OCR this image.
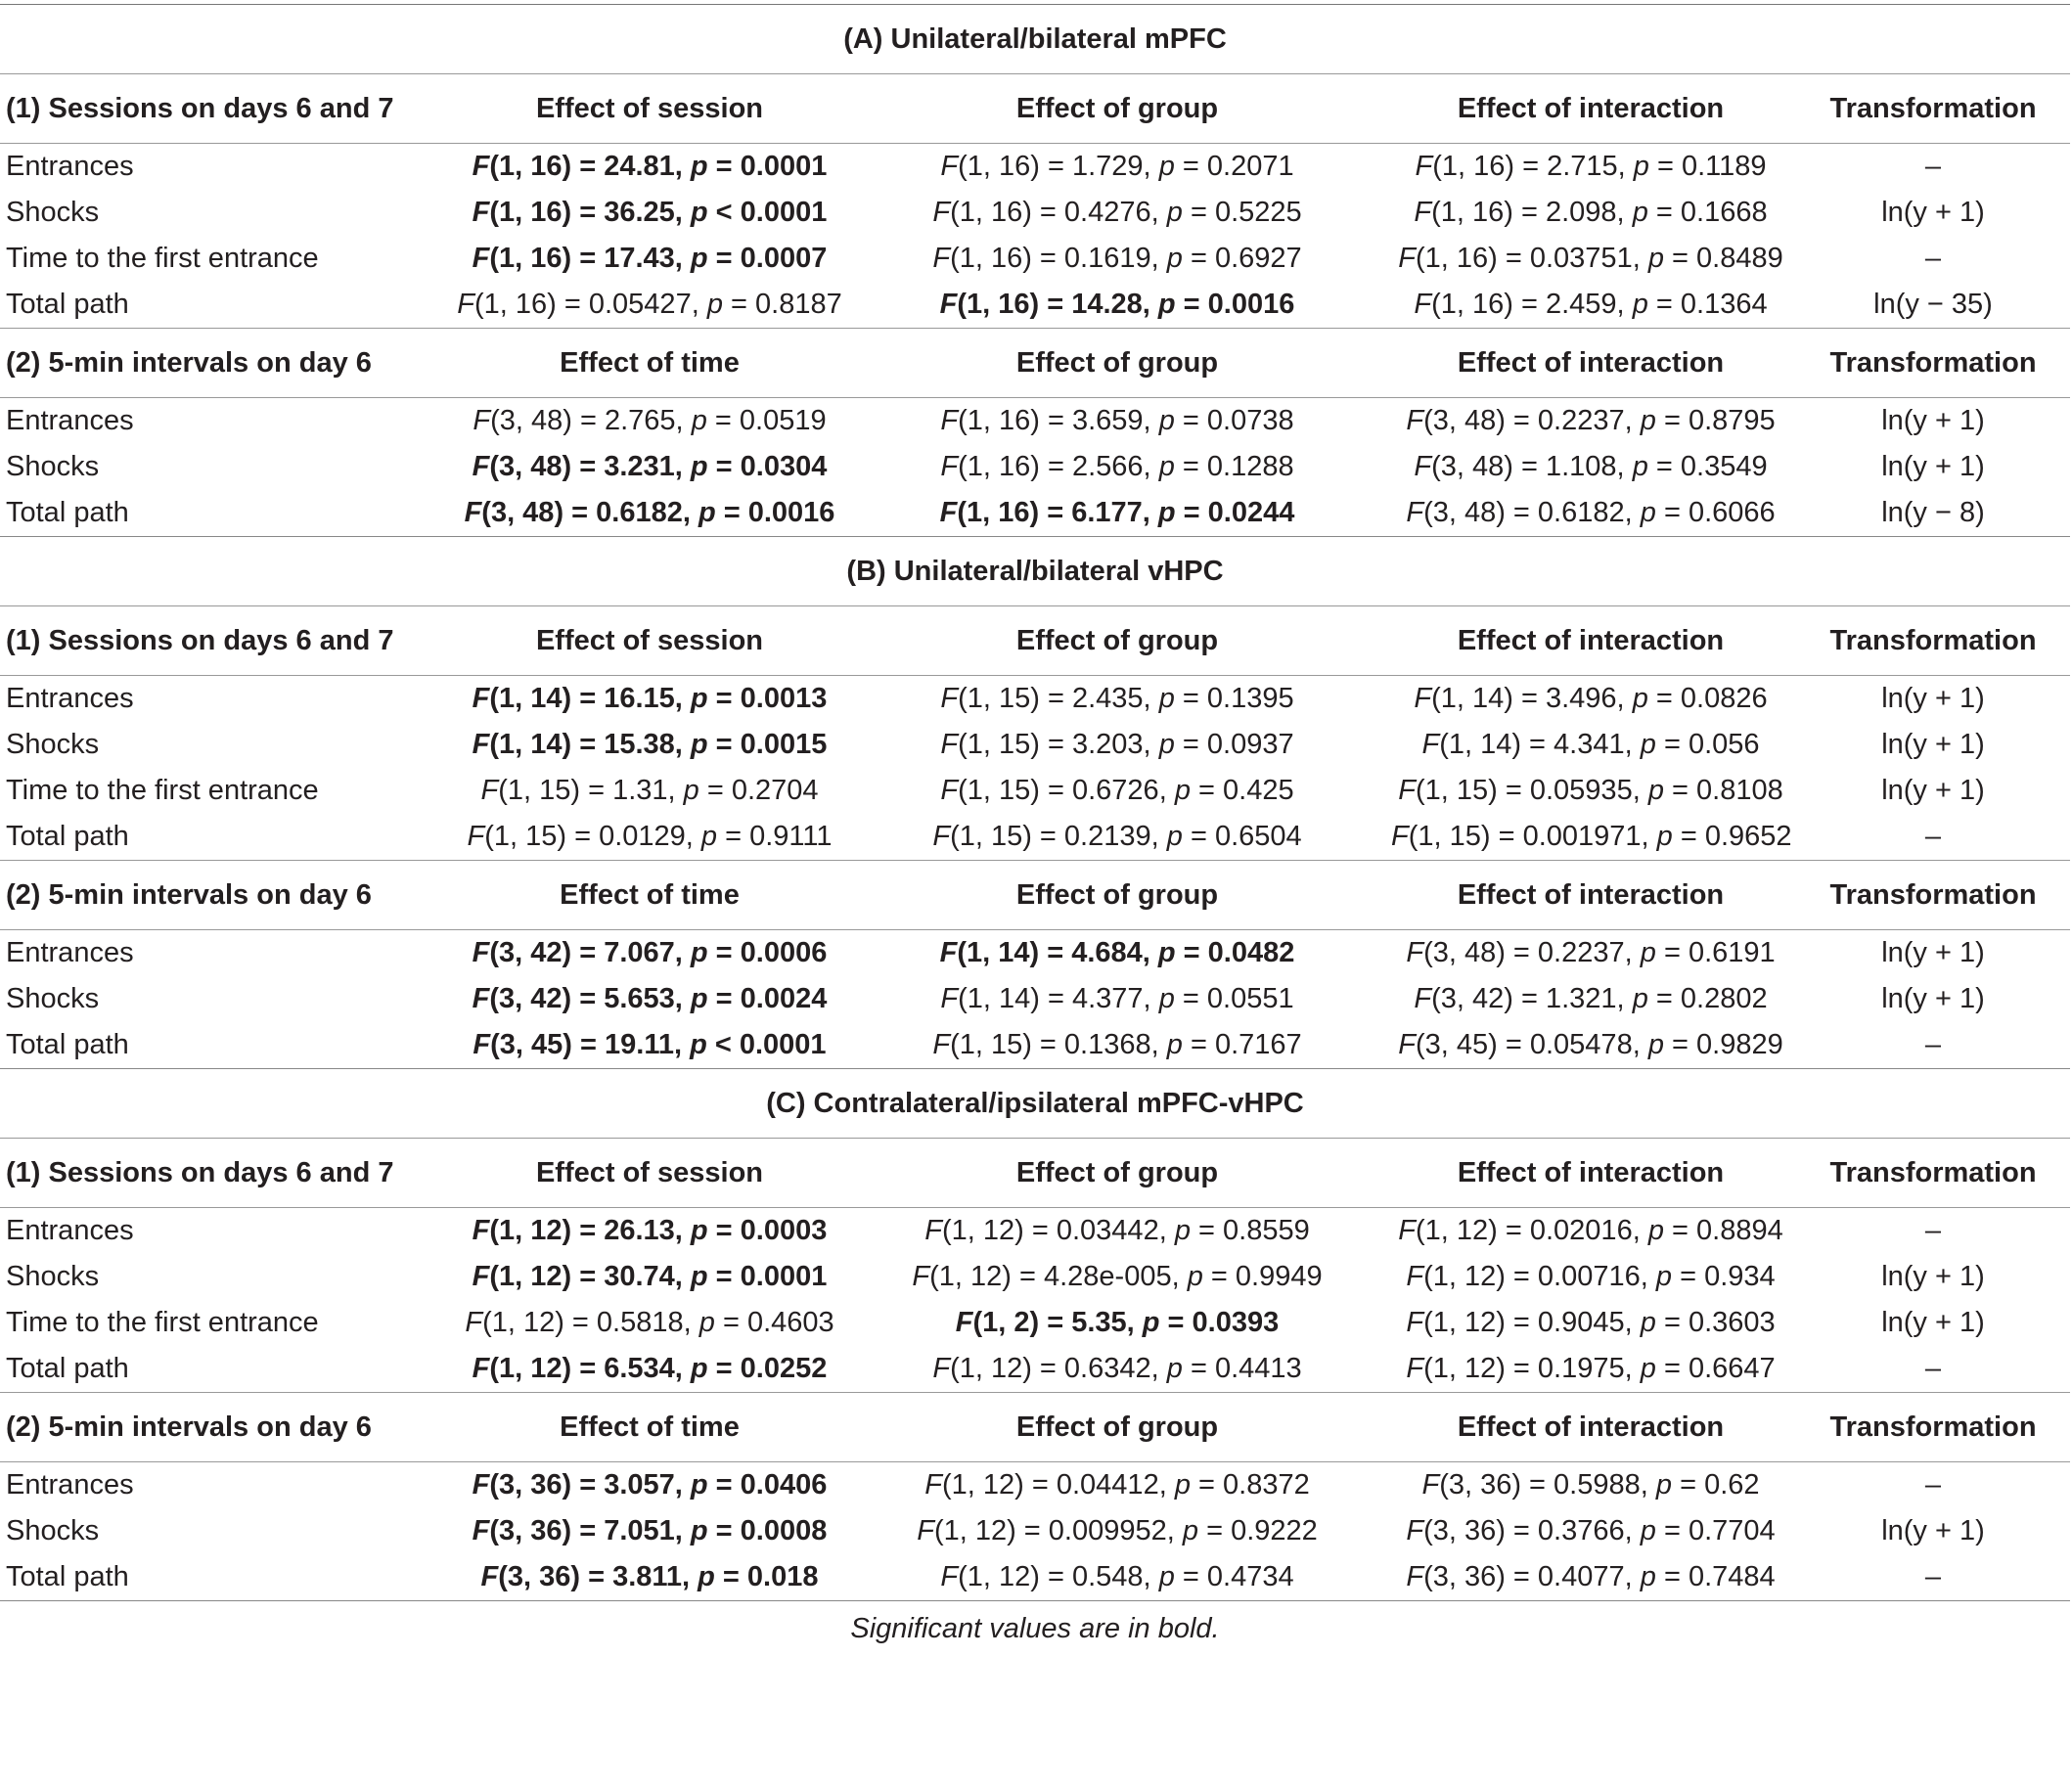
(A) Unilateral/bilateral mPFC				
(1) Sessions on days 6 and 7	Effect of session	Effect of group	Effect of interaction	Transformation
Entrances	F(1, 16) = 24.81, p = 0.0001	F(1, 16) = 1.729, p = 0.2071	F(1, 16) = 2.715, p = 0.1189	–
Shocks	F(1, 16) = 36.25, p < 0.0001	F(1, 16) = 0.4276, p = 0.5225	F(1, 16) = 2.098, p = 0.1668	ln(y + 1)
Time to the first entrance	F(1, 16) = 17.43, p = 0.0007	F(1, 16) = 0.1619, p = 0.6927	F(1, 16) = 0.03751, p = 0.8489	–
Total path	F(1, 16) = 0.05427, p = 0.8187	F(1, 16) = 14.28, p = 0.0016	F(1, 16) = 2.459, p = 0.1364	ln(y − 35)
(2) 5-min intervals on day 6	Effect of time	Effect of group	Effect of interaction	Transformation
Entrances	F(3, 48) = 2.765, p = 0.0519	F(1, 16) = 3.659, p = 0.0738	F(3, 48) = 0.2237, p = 0.8795	ln(y + 1)
Shocks	F(3, 48) = 3.231, p = 0.0304	F(1, 16) = 2.566, p = 0.1288	F(3, 48) = 1.108, p = 0.3549	ln(y + 1)
Total path	F(3, 48) = 0.6182, p = 0.0016	F(1, 16) = 6.177, p = 0.0244	F(3, 48) = 0.6182, p = 0.6066	ln(y − 8)
(B) Unilateral/bilateral vHPC				
(1) Sessions on days 6 and 7	Effect of session	Effect of group	Effect of interaction	Transformation
Entrances	F(1, 14) = 16.15, p = 0.0013	F(1, 15) = 2.435, p = 0.1395	F(1, 14) = 3.496, p = 0.0826	ln(y + 1)
Shocks	F(1, 14) = 15.38, p = 0.0015	F(1, 15) = 3.203, p = 0.0937	F(1, 14) = 4.341, p = 0.056	ln(y + 1)
Time to the first entrance	F(1, 15) = 1.31, p = 0.2704	F(1, 15) = 0.6726, p = 0.425	F(1, 15) = 0.05935, p = 0.8108	ln(y + 1)
Total path	F(1, 15) = 0.0129, p = 0.9111	F(1, 15) = 0.2139, p = 0.6504	F(1, 15) = 0.001971, p = 0.9652	–
(2) 5-min intervals on day 6	Effect of time	Effect of group	Effect of interaction	Transformation
Entrances	F(3, 42) = 7.067, p = 0.0006	F(1, 14) = 4.684, p = 0.0482	F(3, 48) = 0.2237, p = 0.6191	ln(y + 1)
Shocks	F(3, 42) = 5.653, p = 0.0024	F(1, 14) = 4.377, p = 0.0551	F(3, 42) = 1.321, p = 0.2802	ln(y + 1)
Total path	F(3, 45) = 19.11, p < 0.0001	F(1, 15) = 0.1368, p = 0.7167	F(3, 45) = 0.05478, p = 0.9829	–
(C) Contralateral/ipsilateral mPFC-vHPC				
(1) Sessions on days 6 and 7	Effect of session	Effect of group	Effect of interaction	Transformation
Entrances	F(1, 12) = 26.13, p = 0.0003	F(1, 12) = 0.03442, p = 0.8559	F(1, 12) = 0.02016, p = 0.8894	–
Shocks	F(1, 12) = 30.74, p = 0.0001	F(1, 12) = 4.28e-005, p = 0.9949	F(1, 12) = 0.00716, p = 0.934	ln(y + 1)
Time to the first entrance	F(1, 12) = 0.5818, p = 0.4603	F(1, 2) = 5.35, p = 0.0393	F(1, 12) = 0.9045, p = 0.3603	ln(y + 1)
Total path	F(1, 12) = 6.534, p = 0.0252	F(1, 12) = 0.6342, p = 0.4413	F(1, 12) = 0.1975, p = 0.6647	–
(2) 5-min intervals on day 6	Effect of time	Effect of group	Effect of interaction	Transformation
Entrances	F(3, 36) = 3.057, p = 0.0406	F(1, 12) = 0.04412, p = 0.8372	F(3, 36) = 0.5988, p = 0.62	–
Shocks	F(3, 36) = 7.051, p = 0.0008	F(1, 12) = 0.009952, p = 0.9222	F(3, 36) = 0.3766, p = 0.7704	ln(y + 1)
Total path	F(3, 36) = 3.811, p = 0.018	F(1, 12) = 0.548, p = 0.4734	F(3, 36) = 0.4077, p = 0.7484	–
Significant values are in bold.				
